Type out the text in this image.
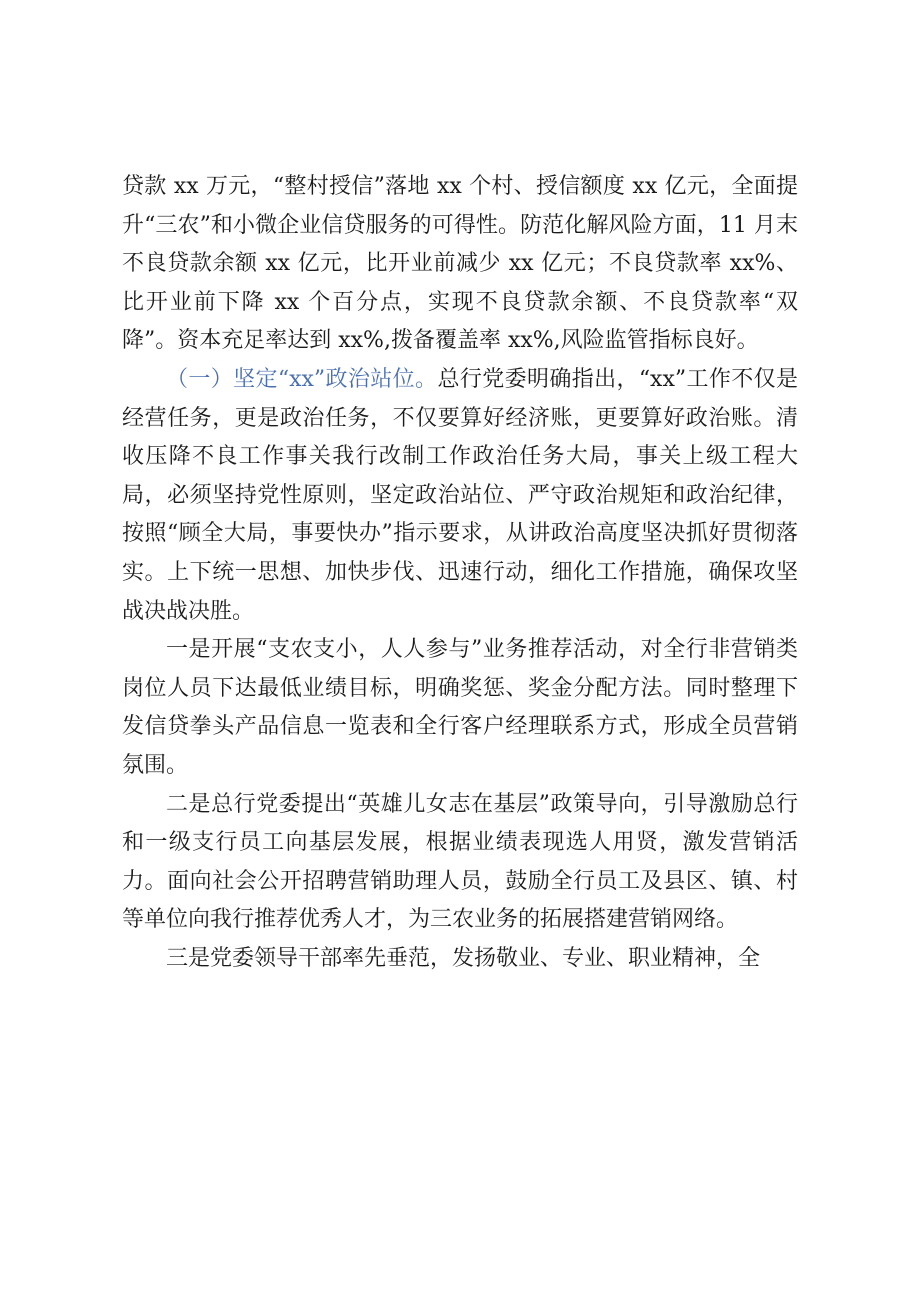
贷款 xx 万元，“整村授信”落地 xx 个村、授信额度 xx 亿元，全面提升“三农”和小微企业信贷服务的可得性。防范化解风险方面，11 月末不良贷款余额 xx 亿元，比开业前减少 xx 亿元；不良贷款率 xx%、比开业前下降 xx 个百分点，实现不良贷款余额、不良贷款率“双降”。资本充足率达到 xx%,拨备覆盖率 xx%,风险监管指标良好。

（一）坚定“xx”政治站位。总行党委明确指出，“xx”工作不仅是经营任务，更是政治任务，不仅要算好经济账，更要算好政治账。清收压降不良工作事关我行改制工作政治任务大局，事关上级工程大局，必须坚持党性原则，坚定政治站位、严守政治规矩和政治纪律，按照“顾全大局，事要快办”指示要求，从讲政治高度坚决抓好贯彻落实。上下统一思想、加快步伐、迅速行动，细化工作措施，确保攻坚战决战决胜。

一是开展“支农支小，人人参与”业务推荐活动，对全行非营销类岗位人员下达最低业绩目标，明确奖惩、奖金分配方法。同时整理下发信贷拳头产品信息一览表和全行客户经理联系方式，形成全员营销氛围。

二是总行党委提出“英雄儿女志在基层”政策导向，引导激励总行和一级支行员工向基层发展，根据业绩表现选人用贤，激发营销活力。面向社会公开招聘营销助理人员，鼓励全行员工及县区、镇、村等单位向我行推荐优秀人才，为三农业务的拓展搭建营销网络。

三是党委领导干部率先垂范，发扬敬业、专业、职业精神，全
